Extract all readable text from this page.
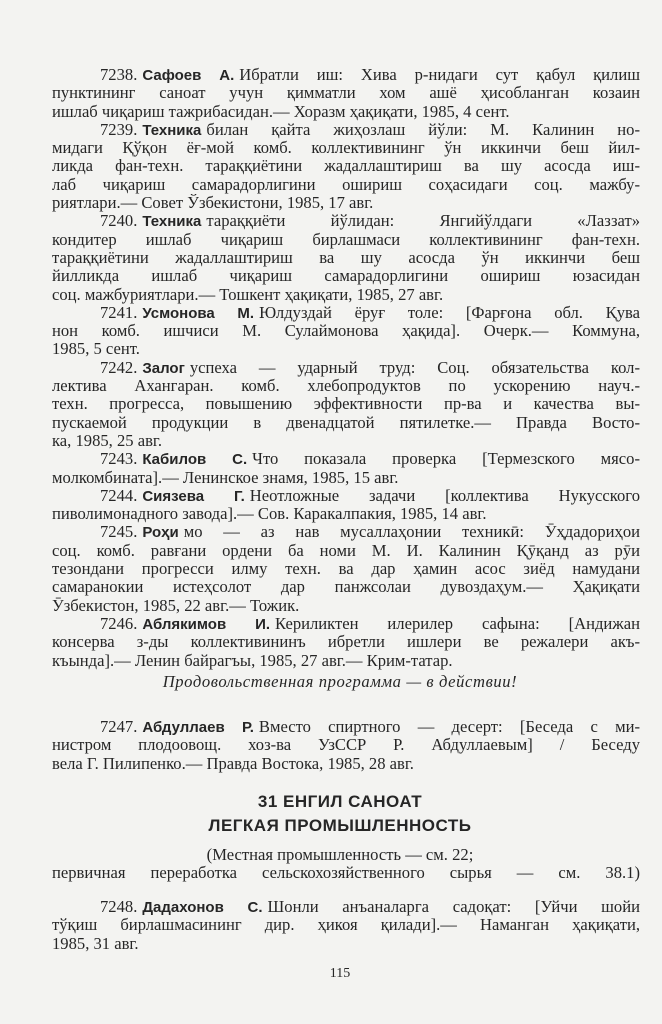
7238. Сафоев А. Ибратли иш: Хива р-нидаги сут қабул қилиш
пунктининг саноат учун қимматли хом ашё ҳисобланган козаин
ишлаб чиқариш тажрибасидан.— Хоразм ҳақиқати, 1985, 4 сент.
7239. Техника билан қайта жиҳозлаш йўли: М. Калинин но-
мидаги Қўқон ёғ-мой комб. коллективининг ўн иккинчи беш йил-
ликда фан-техн. тараққиётини жадаллаштириш ва шу асосда иш-
лаб чиқариш самарадорлигини ошириш соҳасидаги соц. мажбу-
риятлари.— Совет Ўзбекистони, 1985, 17 авг.
7240. Техника тараққиёти йўлидан: Янгийўлдаги «Лаззат»
кондитер ишлаб чиқариш бирлашмаси коллективининг фан-техн.
тараққиётини жадаллаштириш ва шу асосда ўн иккинчи беш
йилликда ишлаб чиқариш самарадорлигини ошириш юзасидан
соц. мажбуриятлари.— Тошкент ҳақиқати, 1985, 27 авг.
7241. Усмонова М. Юлдуздай ёруғ толе: [Фарғона обл. Қува
нон комб. ишчиси М. Сулаймонова ҳақида]. Очерк.— Коммуна,
1985, 5 сент.
7242. Залог успеха — ударный труд: Соц. обязательства кол-
лектива Ахангаран. комб. хлебопродуктов по ускорению науч.-
техн. прогресса, повышению эффективности пр-ва и качества вы-
пускаемой продукции в двенадцатой пятилетке.— Правда Восто-
ка, 1985, 25 авг.
7243. Кабилов С. Что показала проверка [Термезского мясо-
молкомбината].— Ленинское знамя, 1985, 15 авг.
7244. Сиязева Г. Неотложные задачи [коллектива Нукусского
пиволимонадного завода].— Сов. Каракалпакия, 1985, 14 авг.
7245. Роҳи мо — аз нав мусаллаҳонии техникӣ: Ӯҳдадориҳои
соц. комб. равғани ордени ба номи М. И. Калинин Қӯқанд аз рӯи
тезондани прогресси илму техн. ва дар ҳамин асос зиёд намудани
самаранокии истеҳсолот дар панжсолаи дувоздаҳум.— Ҳақиқати
Ӯзбекистон, 1985, 22 авг.— Тожик.
7246. Аблякимов И. Кериликтен илерилер сафына: [Андижан
консерва з-ды коллективининъ ибретли ишлери ве режалери акъ-
къында].— Ленин байрагъы, 1985, 27 авг.— Крим-татар.
Продовольственная программа — в действии!
7247. Абдуллаев Р. Вместо спиртного — десерт: [Беседа с ми-
нистром плодоовощ. хоз-ва УзССР Р. Абдуллаевым] / Беседу
вела Г. Пилипенко.— Правда Востока, 1985, 28 авг.
31 ЕНГИЛ САНОАТ
ЛЕГКАЯ ПРОМЫШЛЕННОСТЬ
(Местная промышленность — см. 22;
первичная переработка сельскохозяйственного сырья — см. 38.1)
7248. Дадахонов С. Шонли анъаналарга садоқат: [Уйчи шойи
тўқиш бирлашмасининг дир. ҳикоя қилади].— Наманган ҳақиқати,
1985, 31 авг.
115
